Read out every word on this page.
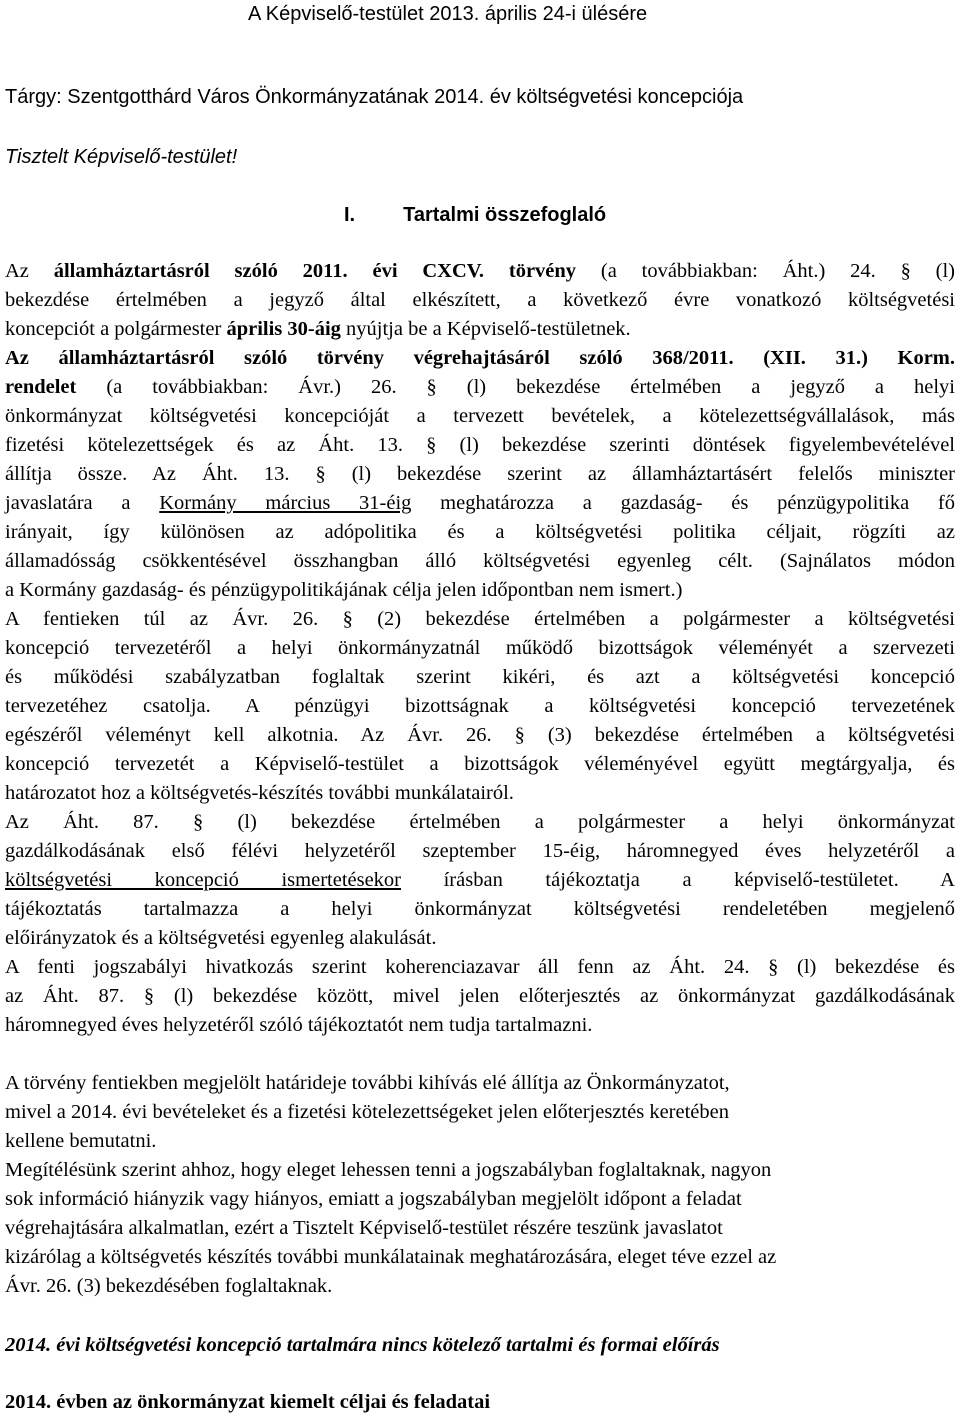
A Képviselő-testület 2013. április 24-i ülésére
Tárgy: Szentgotthárd Város Önkormányzatának 2014. év költségvetési koncepciója
Tisztelt Képviselő-testület!
I. Tartalmi összefoglaló
Az államháztartásról szóló 2011. évi CXCV. törvény (a továbbiakban: Áht.) 24. § (l)
bekezdése értelmében a jegyző által elkészített, a következő évre vonatkozó költségvetési
koncepciót a polgármester április 30-áig nyújtja be a Képviselő-testületnek.
Az államháztartásról szóló törvény végrehajtásáról szóló 368/2011. (XII. 31.) Korm.
rendelet (a továbbiakban: Ávr.) 26. § (l) bekezdése értelmében a jegyző a helyi
önkormányzat költségvetési koncepcióját a tervezett bevételek, a kötelezettségvállalások, más
fizetési kötelezettségek és az Áht. 13. § (l) bekezdése szerinti döntések figyelembevételével
állítja össze. Az Áht. 13. § (l) bekezdése szerint az államháztartásért felelős miniszter
javaslatára a Kormány március 31-éig meghatározza a gazdaság- és pénzügypolitika fő
irányait, így különösen az adópolitika és a költségvetési politika céljait, rögzíti az
államadósság csökkentésével összhangban álló költségvetési egyenleg célt. (Sajnálatos módon
a Kormány gazdaság- és pénzügypolitikájának célja jelen időpontban nem ismert.)
A fentieken túl az Ávr. 26. § (2) bekezdése értelmében a polgármester a költségvetési
koncepció tervezetéről a helyi önkormányzatnál működő bizottságok véleményét a szervezeti
és működési szabályzatban foglaltak szerint kikéri, és azt a költségvetési koncepció
tervezetéhez csatolja. A pénzügyi bizottságnak a költségvetési koncepció tervezetének
egészéről véleményt kell alkotnia. Az Ávr. 26. § (3) bekezdése értelmében a költségvetési
koncepció tervezetét a Képviselő-testület a bizottságok véleményével együtt megtárgyalja, és
határozatot hoz a költségvetés-készítés további munkálatairól.
Az Áht. 87. § (l) bekezdése értelmében a polgármester a helyi önkormányzat
gazdálkodásának első félévi helyzetéről szeptember 15-éig, háromnegyed éves helyzetéről a
költségvetési koncepció ismertetésekor írásban tájékoztatja a képviselő-testületet. A
tájékoztatás tartalmazza a helyi önkormányzat költségvetési rendeletében megjelenő
előirányzatok és a költségvetési egyenleg alakulását.
A fenti jogszabályi hivatkozás szerint koherenciazavar áll fenn az Áht. 24. § (l) bekezdése és
az Áht. 87. § (l) bekezdése között, mivel jelen előterjesztés az önkormányzat gazdálkodásának
háromnegyed éves helyzetéről szóló tájékoztatót nem tudja tartalmazni.
A törvény fentiekben megjelölt határideje további kihívás elé állítja az Önkormányzatot,
mivel a 2014. évi bevételeket és a fizetési kötelezettségeket jelen előterjesztés keretében
kellene bemutatni.
Megítélésünk szerint ahhoz, hogy eleget lehessen tenni a jogszabályban foglaltaknak, nagyon
sok információ hiányzik vagy hiányos, emiatt a jogszabályban megjelölt időpont a feladat
végrehajtására alkalmatlan, ezért a Tisztelt Képviselő-testület részére teszünk javaslatot
kizárólag a költségvetés készítés további munkálatainak meghatározására, eleget téve ezzel az
Ávr. 26. (3) bekezdésében foglaltaknak.
2014. évi költségvetési koncepció tartalmára nincs kötelező tartalmi és formai előírás
2014. évben az önkormányzat kiemelt céljai és feladatai
